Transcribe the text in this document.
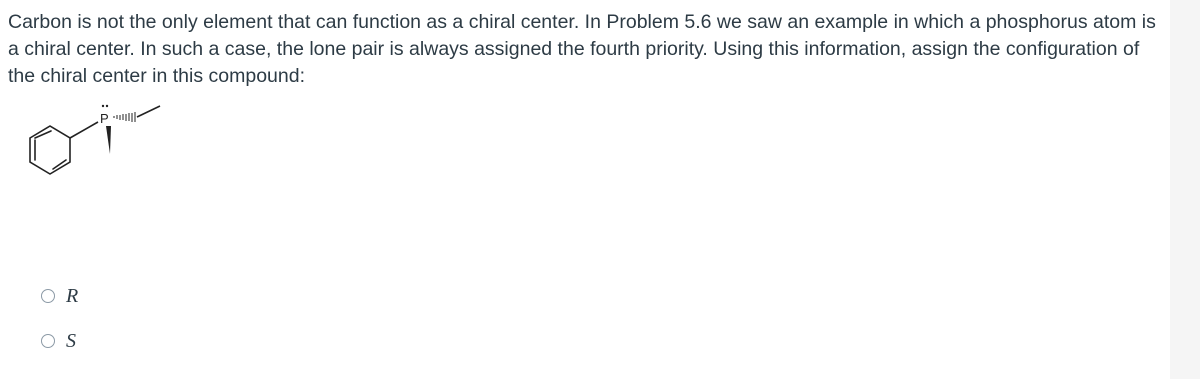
Carbon is not the only element that can function as a chiral center. In Problem 5.6 we saw an example in which a phosphorus atom is a chiral center. In such a case, the lone pair is always assigned the fourth priority. Using this information, assign the configuration of the chiral center in this compound:

P
R
S
